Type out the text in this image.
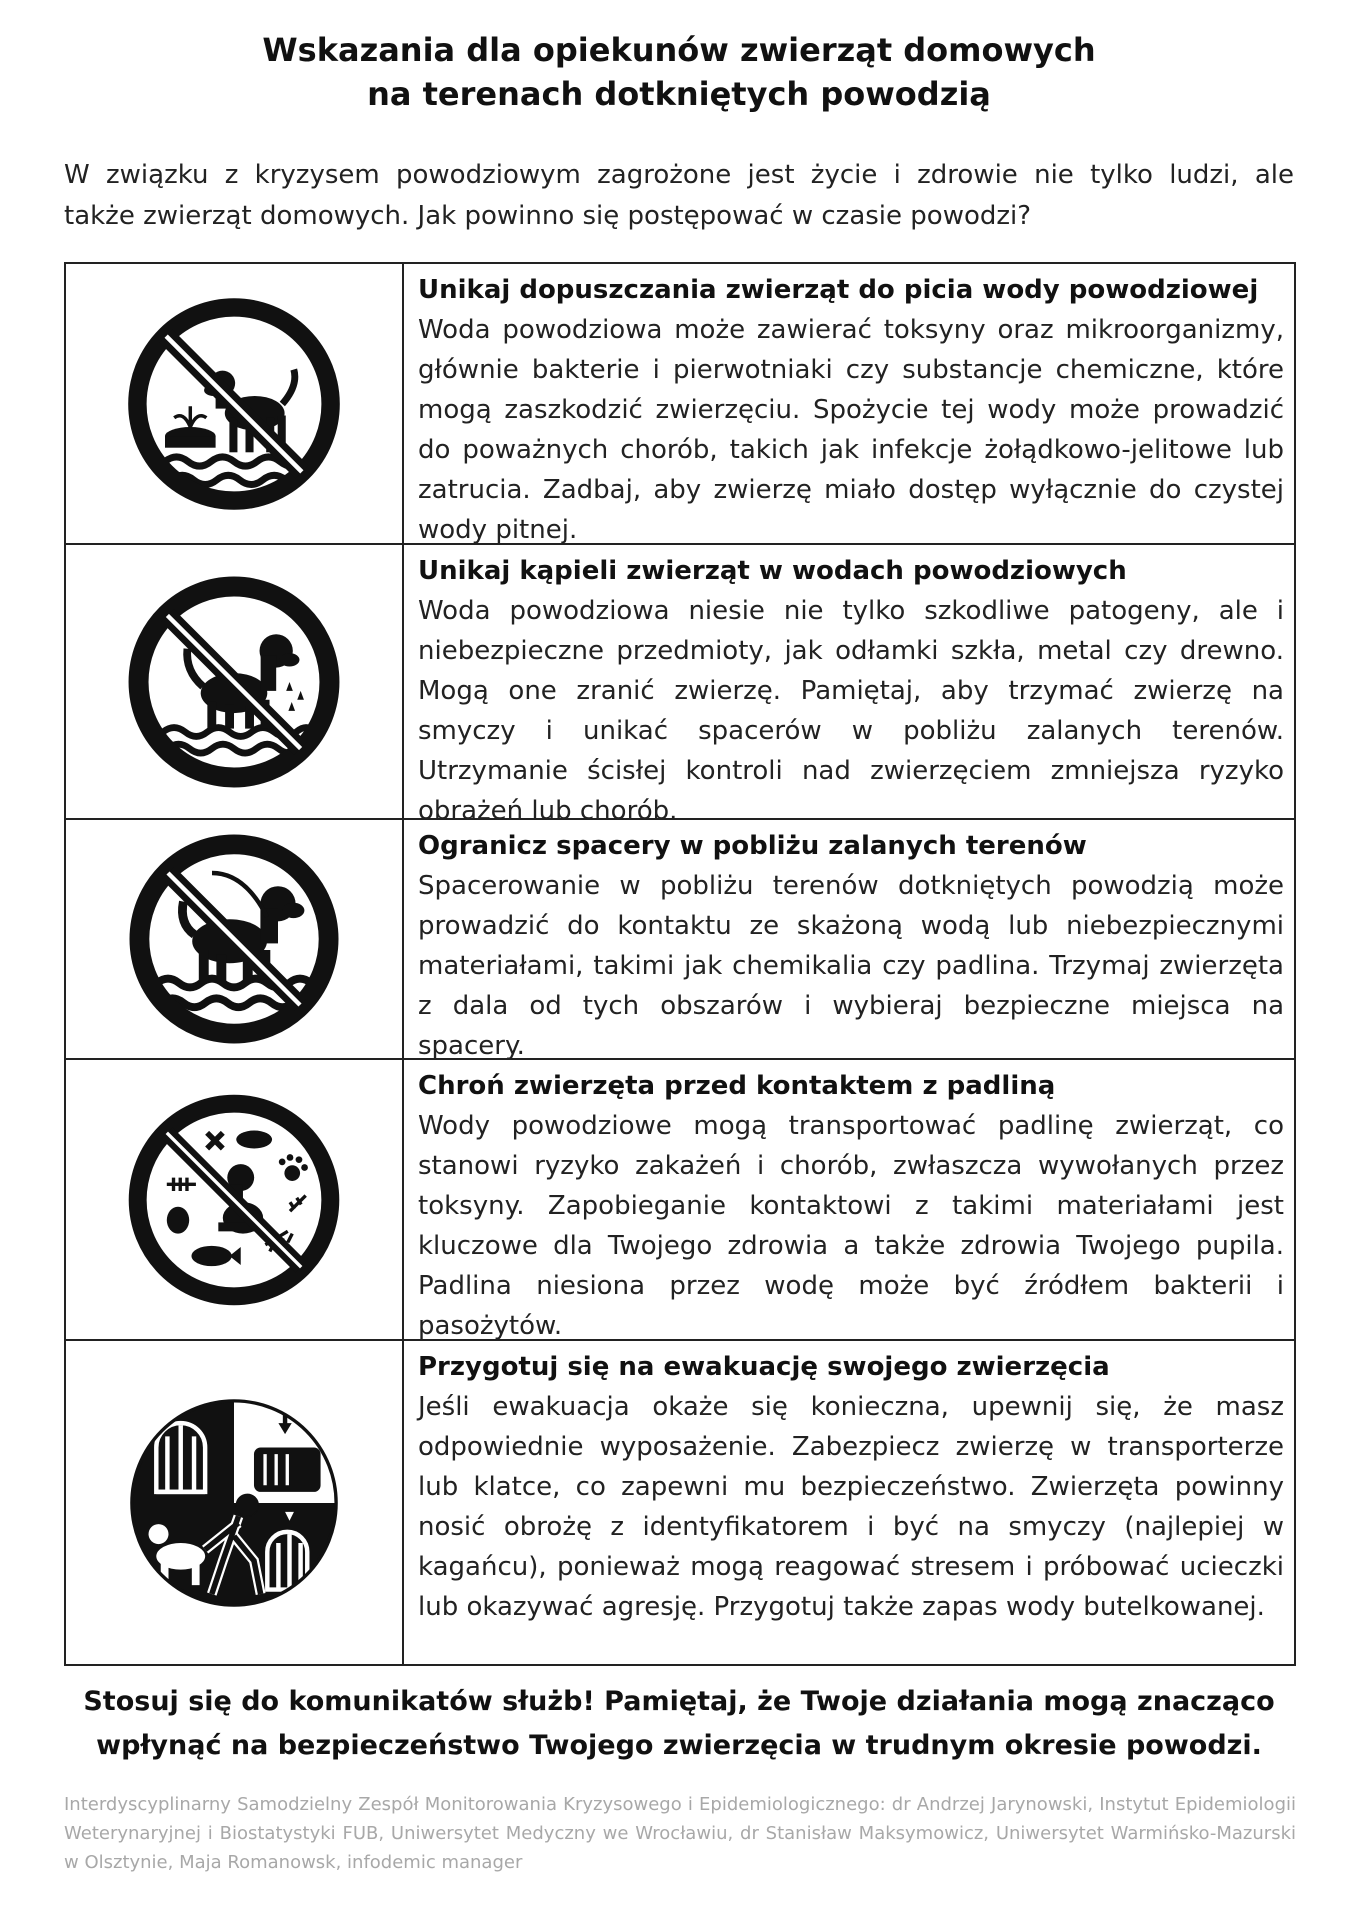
Wskazania dla opiekunów zwierząt domowych
na terenach dotkniętych powodzią
W związku z kryzysem powodziowym zagrożone jest życie i zdrowie nie tylko ludzi, ale
także zwierząt domowych. Jak powinno się postępować w czasie powodzi?
Unikaj dopuszczania zwierząt do picia wody powodziowej

Woda powodziowa może zawierać toksyny oraz mikroorganizmy, głównie bakterie i pierwotniaki czy substancje chemiczne, które mogą zaszkodzić zwierzęciu. Spożycie tej wody może prowadzić do poważnych chorób, takich jak infekcje żołądkowo-jelitowe lub zatrucia. Zadbaj, aby zwierzę miało dostęp wyłącznie do czystej wody pitnej.

Unikaj kąpieli zwierząt w wodach powodziowych

Woda powodziowa niesie nie tylko szkodliwe patogeny, ale i niebezpieczne przedmioty, jak odłamki szkła, metal czy drewno. Mogą one zranić zwierzę. Pamiętaj, aby trzymać zwierzę na smyczy i unikać spacerów w pobliżu zalanych terenów. Utrzymanie ścisłej kontroli nad zwierzęciem zmniejsza ryzyko obrażeń lub chorób.

Ogranicz spacery w pobliżu zalanych terenów

Spacerowanie w pobliżu terenów dotkniętych powodzią może prowadzić do kontaktu ze skażoną wodą lub niebezpiecznymi materiałami, takimi jak chemikalia czy padlina. Trzymaj zwierzęta z dala od tych obszarów i wybieraj bezpieczne miejsca na spacery.

Chroń zwierzęta przed kontaktem z padliną

Wody powodziowe mogą transportować padlinę zwierząt, co stanowi ryzyko zakażeń i chorób, zwłaszcza wywołanych przez toksyny. Zapobieganie kontaktowi z takimi materiałami jest kluczowe dla Twojego zdrowia a także zdrowia Twojego pupila. Padlina niesiona przez wodę może być źródłem bakterii i pasożytów.

Przygotuj się na ewakuację swojego zwierzęcia

Jeśli ewakuacja okaże się konieczna, upewnij się, że masz odpowiednie wyposażenie. Zabezpiecz zwierzę w transporterze lub klatce, co zapewni mu bezpieczeństwo. Zwierzęta powinny nosić obrożę z identyfikatorem i być na smyczy (najlepiej w kagańcu), ponieważ mogą reagować stresem i próbować ucieczki lub okazywać agresję. Przygotuj także zapas wody butelkowanej.

Stosuj się do komunikatów służb! Pamiętaj, że Twoje działania mogą znacząco
wpłynąć na bezpieczeństwo Twojego zwierzęcia w trudnym okresie powodzi.
Interdyscyplinarny Samodzielny Zespół Monitorowania Kryzysowego i Epidemiologicznego: dr Andrzej Jarynowski, Instytut Epidemiologii Weterynaryjnej i Biostatystyki FUB, Uniwersytet Medyczny we Wrocławiu, dr Stanisław Maksymowicz, Uniwersytet Warmińsko-Mazurski w Olsztynie, Maja Romanowsk, infodemic manager
